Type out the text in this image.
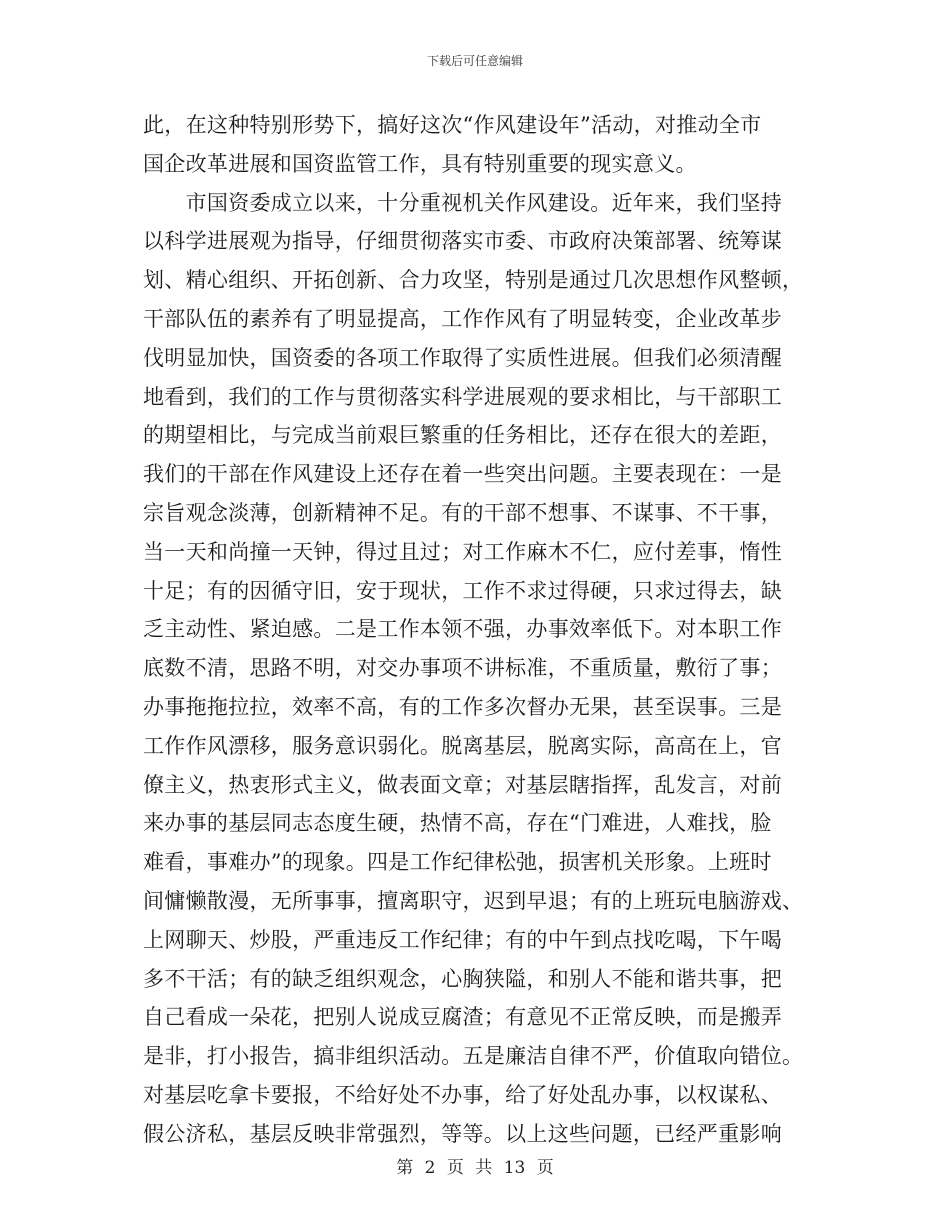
下载后可任意编辑
此，在这种特别形势下，搞好这次“作风建设年”活动，对推动全市
国企改革进展和国资监管工作，具有特别重要的现实意义。
　　市国资委成立以来，十分重视机关作风建设。近年来，我们坚持
以科学进展观为指导，仔细贯彻落实市委、市政府决策部署、统筹谋
划、精心组织、开拓创新、合力攻坚，特别是通过几次思想作风整顿，
干部队伍的素养有了明显提高，工作作风有了明显转变，企业改革步
伐明显加快，国资委的各项工作取得了实质性进展。但我们必须清醒
地看到，我们的工作与贯彻落实科学进展观的要求相比，与干部职工
的期望相比，与完成当前艰巨繁重的任务相比，还存在很大的差距，
我们的干部在作风建设上还存在着一些突出问题。主要表现在：一是
宗旨观念淡薄，创新精神不足。有的干部不想事、不谋事、不干事，
当一天和尚撞一天钟，得过且过；对工作麻木不仁，应付差事，惰性
十足；有的因循守旧，安于现状，工作不求过得硬，只求过得去，缺
乏主动性、紧迫感。二是工作本领不强，办事效率低下。对本职工作
底数不清，思路不明，对交办事项不讲标准，不重质量，敷衍了事；
办事拖拖拉拉，效率不高，有的工作多次督办无果，甚至误事。三是
工作作风漂移，服务意识弱化。脱离基层，脱离实际，高高在上，官
僚主义，热衷形式主义，做表面文章；对基层瞎指挥，乱发言，对前
来办事的基层同志态度生硬，热情不高，存在“门难进，人难找，脸
难看，事难办”的现象。四是工作纪律松弛，损害机关形象。上班时
间慵懒散漫，无所事事，擅离职守，迟到早退；有的上班玩电脑游戏、
上网聊天、炒股，严重违反工作纪律；有的中午到点找吃喝，下午喝
多不干活；有的缺乏组织观念，心胸狭隘，和别人不能和谐共事，把
自己看成一朵花，把别人说成豆腐渣；有意见不正常反映，而是搬弄
是非，打小报告，搞非组织活动。五是廉洁自律不严，价值取向错位。
对基层吃拿卡要报，不给好处不办事，给了好处乱办事，以权谋私、
假公济私，基层反映非常强烈，等等。以上这些问题，已经严重影响
第 2 页 共 13 页
